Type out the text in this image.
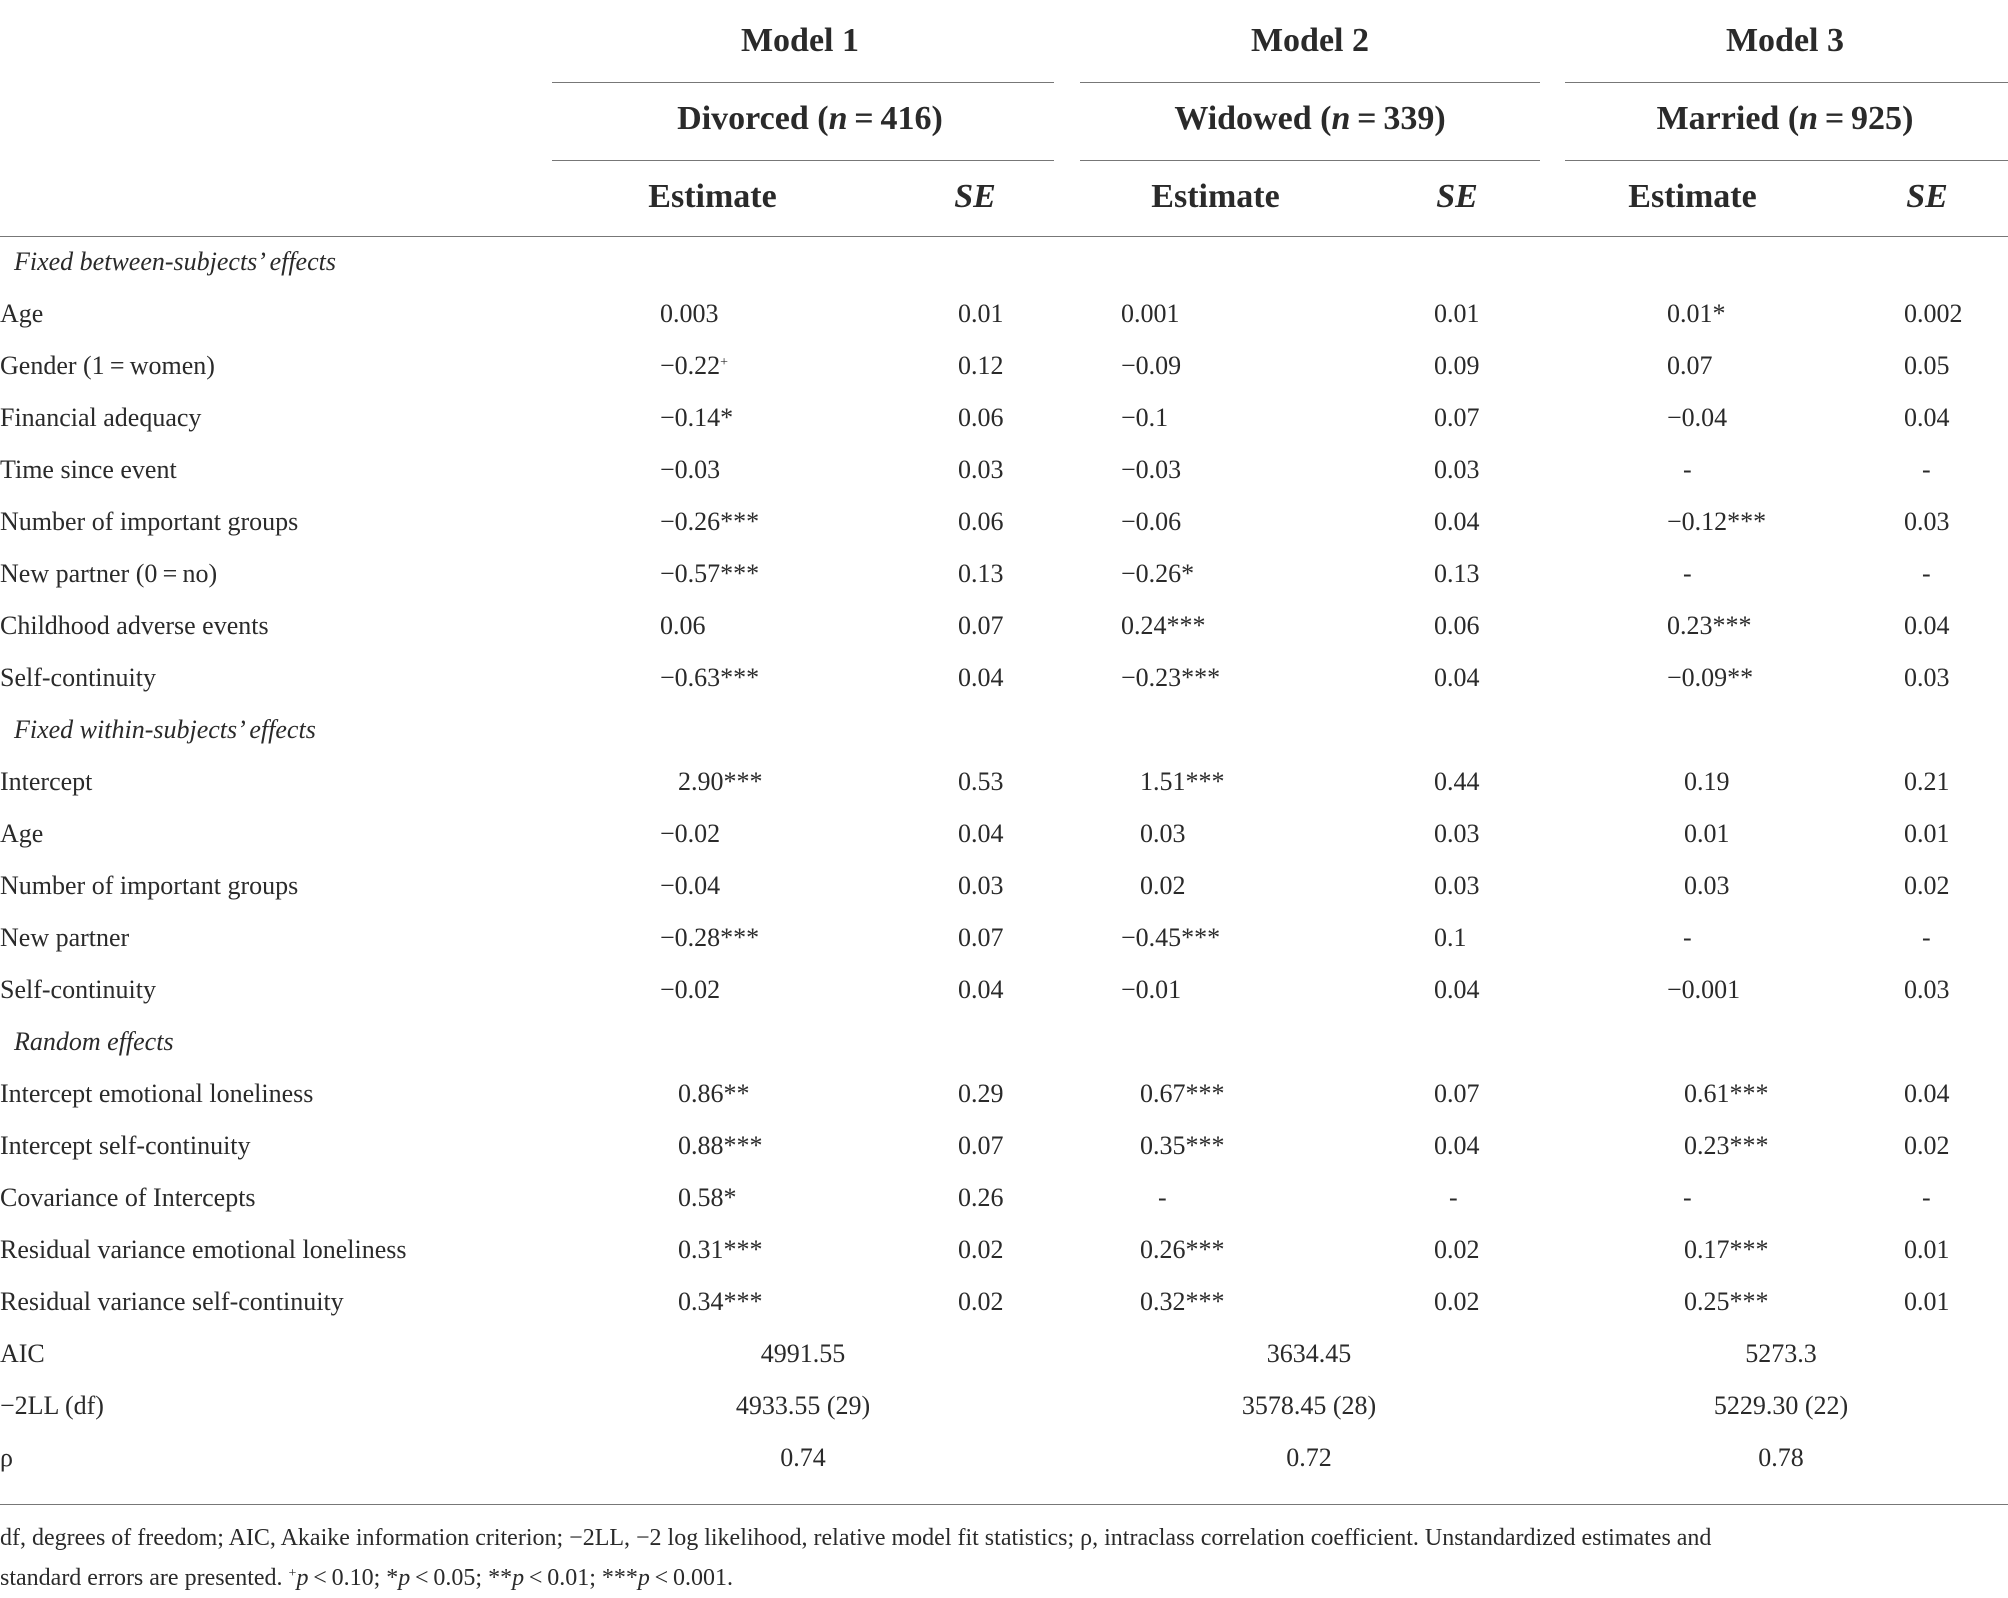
Model 1	Model 2	Model 3
Divorced (n = 416)	Widowed (n = 339)	Married (n = 925)
Estimate	SE	Estimate	SE	Estimate	SE
Fixed between-subjects’ effects
Age	0.003	0.01	0.001	0.01	0.01*	0.002
Gender (1 = women)	−0.22+	0.12	−0.09	0.09	0.07	0.05
Financial adequacy	−0.14*	0.06	−0.1	0.07	−0.04	0.04
Time since event	−0.03	0.03	−0.03	0.03	-	-
Number of important groups	−0.26***	0.06	−0.06	0.04	−0.12***	0.03
New partner (0 = no)	−0.57***	0.13	−0.26*	0.13	-	-
Childhood adverse events	0.06	0.07	0.24***	0.06	0.23***	0.04
Self-continuity	−0.63***	0.04	−0.23***	0.04	−0.09**	0.03
Fixed within-subjects’ effects
Intercept	2.90***	0.53	1.51***	0.44	0.19	0.21
Age	−0.02	0.04	0.03	0.03	0.01	0.01
Number of important groups	−0.04	0.03	0.02	0.03	0.03	0.02
New partner	−0.28***	0.07	−0.45***	0.1	-	-
Self-continuity	−0.02	0.04	−0.01	0.04	−0.001	0.03
Random effects
Intercept emotional loneliness	0.86**	0.29	0.67***	0.07	0.61***	0.04
Intercept self-continuity	0.88***	0.07	0.35***	0.04	0.23***	0.02
Covariance of Intercepts	0.58*	0.26	-	-	-	-
Residual variance emotional loneliness	0.31***	0.02	0.26***	0.02	0.17***	0.01
Residual variance self-continuity	0.34***	0.02	0.32***	0.02	0.25***	0.01
AIC	4991.55	3634.45	5273.3
−2LL (df)	4933.55 (29)	3578.45 (28)	5229.30 (22)
ρ	0.74	0.72	0.78

df, degrees of freedom; AIC, Akaike information criterion; −2LL, −2 log likelihood, relative model fit statistics; ρ, intraclass correlation coefficient. Unstandardized estimates and

standard errors are presented. +p < 0.10; *p < 0.05; **p < 0.01; ***p < 0.001.
